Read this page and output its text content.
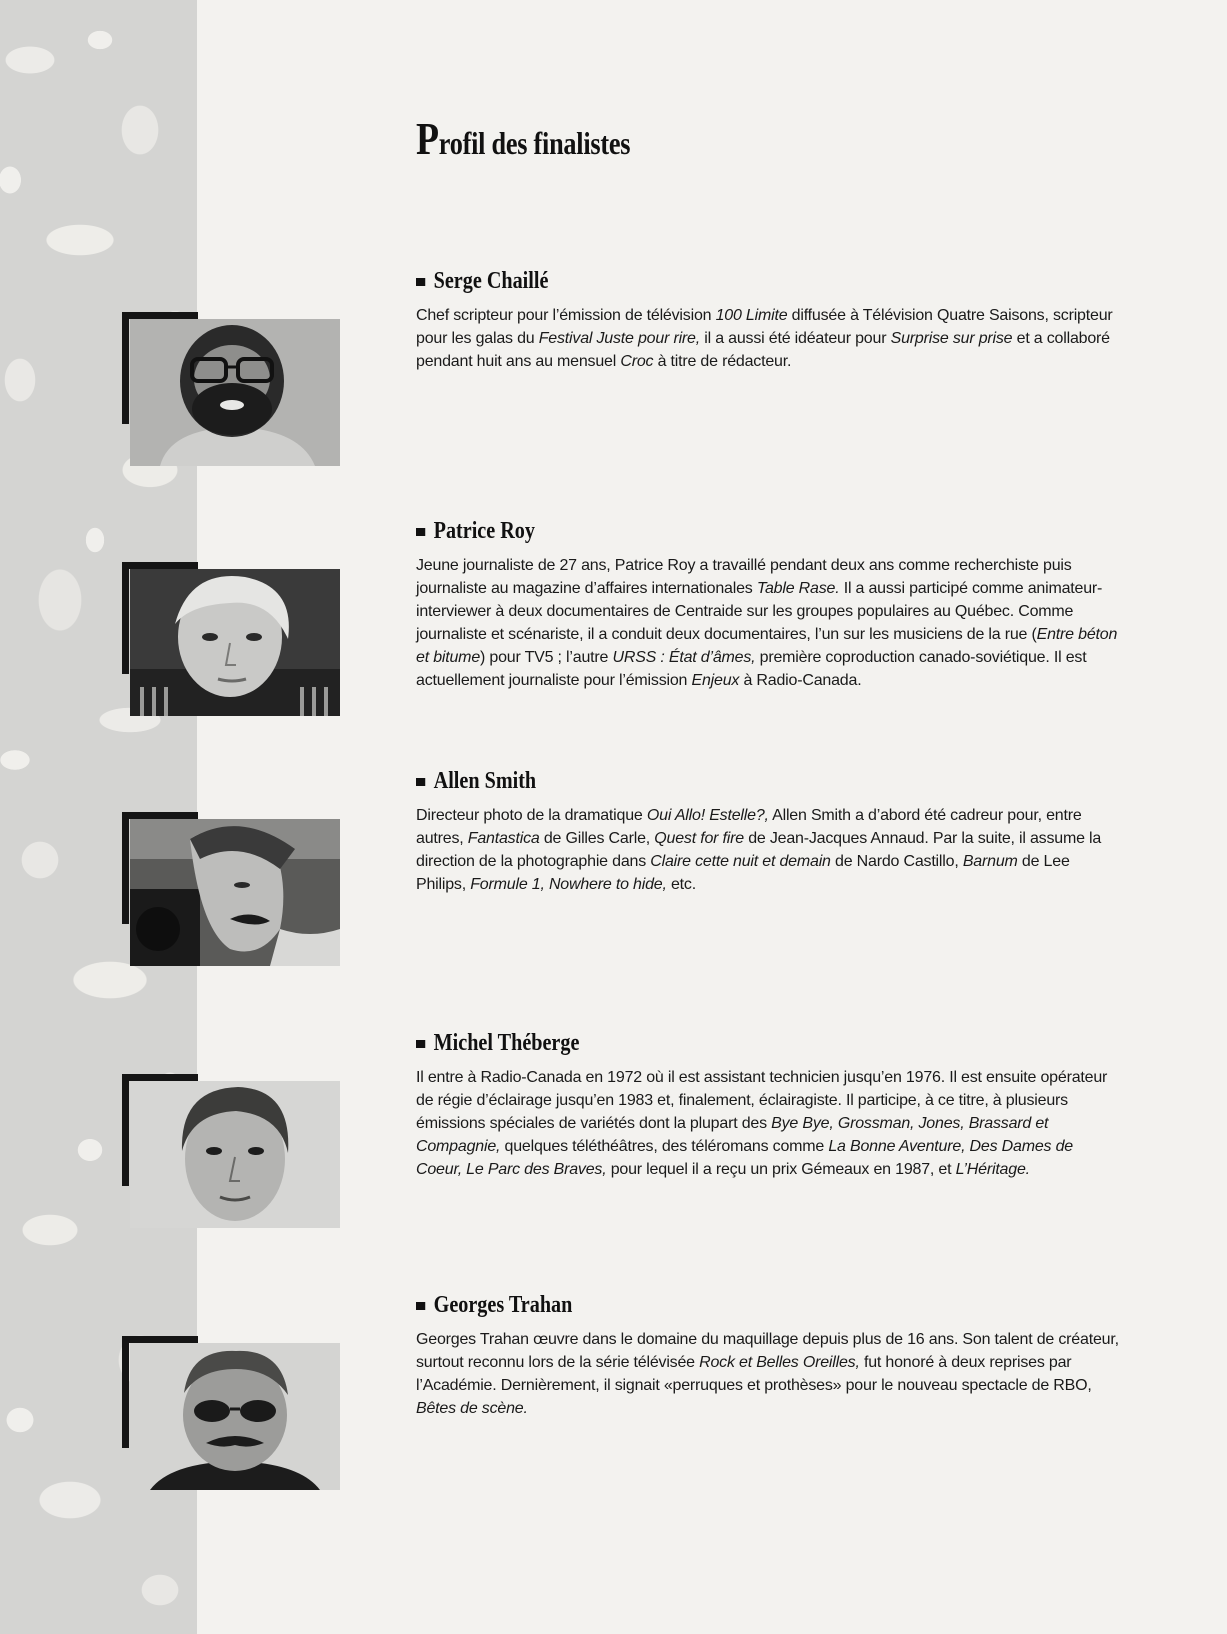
Profil des finalistes
Serge Chaillé

Chef scripteur pour l’émission de télévision 100 Limite diffusée à Télévision Quatre Saisons, scripteur pour les galas du Festival Juste pour rire, il a aussi été idéateur pour Surprise sur prise et a collaboré pendant huit ans au mensuel Croc à titre de rédacteur.

Patrice Roy

Jeune journaliste de 27 ans, Patrice Roy a travaillé pendant deux ans comme recherchiste puis journaliste au magazine d’affaires internationales Table Rase. Il a aussi participé comme animateur-interviewer à deux documentaires de Centraide sur les groupes populaires au Québec. Comme journaliste et scénariste, il a conduit deux documentaires, l’un sur les musiciens de la rue (Entre béton et bitume) pour TV5 ; l’autre URSS : État d’âmes, première coproduction canado-soviétique. Il est actuellement journaliste pour l’émission Enjeux à Radio-Canada.

Allen Smith

Directeur photo de la dramatique Oui Allo! Estelle?, Allen Smith a d’abord été cadreur pour, entre autres, Fantastica de Gilles Carle, Quest for fire de Jean-Jacques Annaud. Par la suite, il assume la direction de la photographie dans Claire cette nuit et demain de Nardo Castillo, Barnum de Lee Philips, Formule 1, Nowhere to hide, etc.

Michel Théberge

Il entre à Radio-Canada en 1972 où il est assistant technicien jusqu’en 1976. Il est ensuite opérateur de régie d’éclairage jusqu’en 1983 et, finalement, éclairagiste. Il participe, à ce titre, à plusieurs émissions spéciales de variétés dont la plupart des Bye Bye, Grossman, Jones, Brassard et Compagnie, quelques téléthéâtres, des téléromans comme La Bonne Aventure, Des Dames de Coeur, Le Parc des Braves, pour lequel il a reçu un prix Gémeaux en 1987, et L’Héritage.

Georges Trahan

Georges Trahan œuvre dans le domaine du maquillage depuis plus de 16 ans. Son talent de créateur, surtout reconnu lors de la série télévisée Rock et Belles Oreilles, fut honoré à deux reprises par l’Académie. Dernièrement, il signait «perruques et prothèses» pour le nouveau spectacle de RBO, Bêtes de scène.
